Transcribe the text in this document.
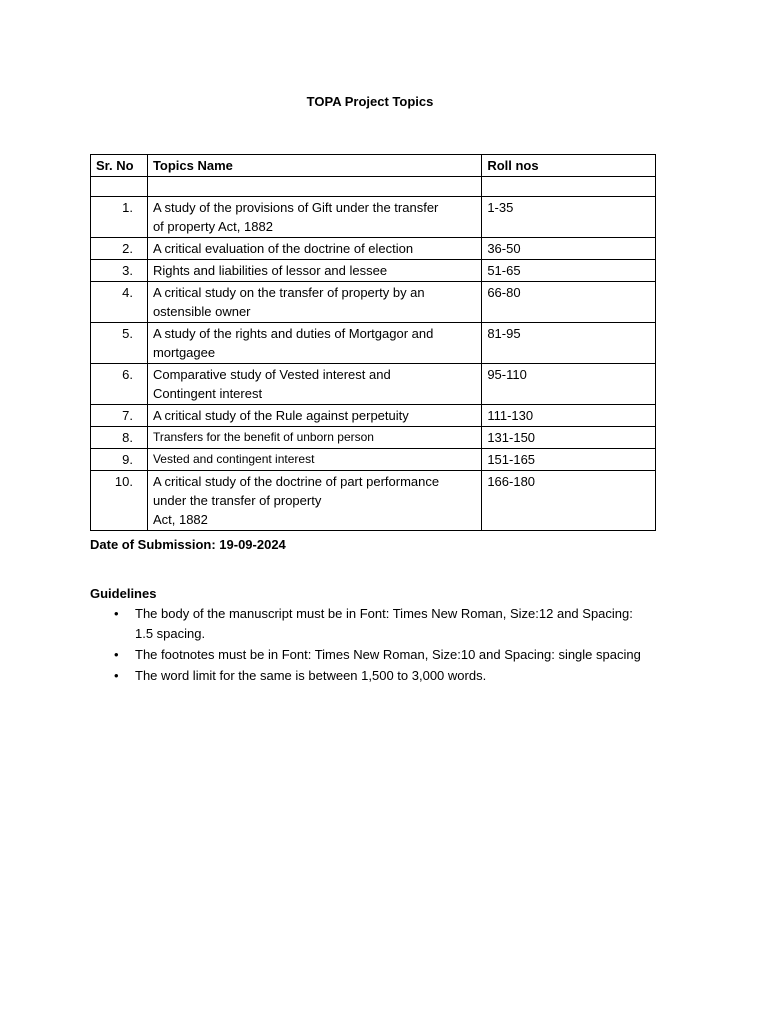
TOPA Project Topics
Sr. No	Topics Name	Roll nos

1.	A study of the provisions of Gift under the transfer
of property Act, 1882	1-35
2.	A critical evaluation of the doctrine of election	36-50
3.	Rights and liabilities of lessor and lessee	51-65
4.	A critical study on the transfer of property by an
ostensible owner	66-80
5.	A study of the rights and duties of Mortgagor and
mortgagee	81-95
6.	Comparative study of Vested interest and
Contingent interest	95-110
7.	A critical study of the Rule against perpetuity	111-130
8.	Transfers for the benefit of unborn person	131-150
9.	Vested and contingent interest	151-165
10.	A critical study of the doctrine of part performance
under the transfer of property
Act, 1882	166-180
Date of Submission: 19-09-2024
Guidelines
• The body of the manuscript must be in Font: Times New Roman, Size:12 and Spacing:
1.5 spacing.
• The footnotes must be in Font: Times New Roman, Size:10 and Spacing: single spacing
• The word limit for the same is between 1,500 to 3,000 words.
